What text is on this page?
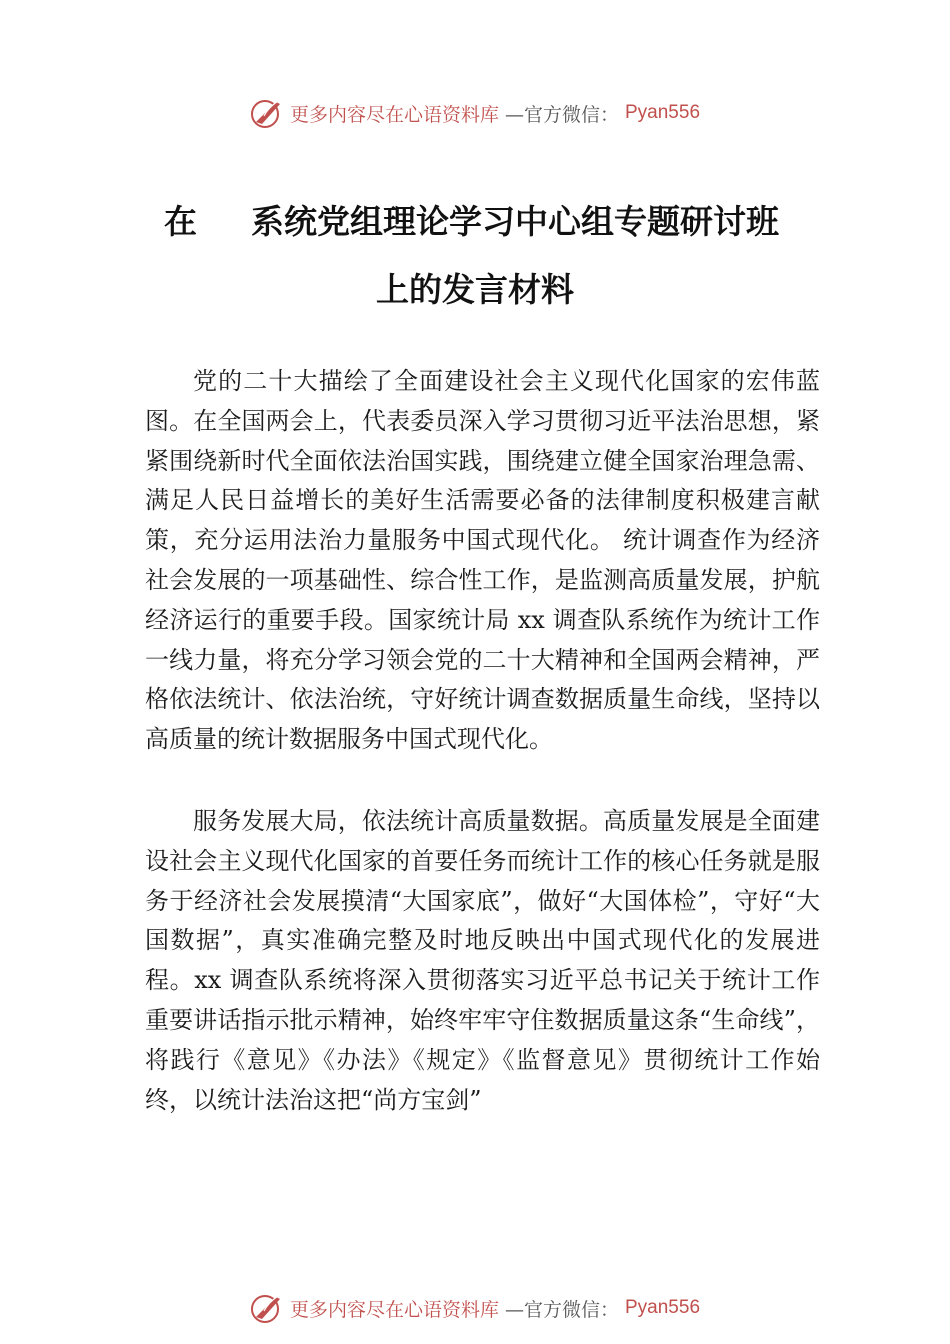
更多内容尽在心语资料库 —官方微信： Pyan556
在 系统党组理论学习中心组专题研讨班
上的发言材料

党的二十大描绘了全面建设社会主义现代化国家的宏伟蓝图。在全国两会上，代表委员深入学习贯彻习近平法治思想，紧紧围绕新时代全面依法治国实践，围绕建立健全国家治理急需、满足人民日益增长的美好生活需要必备的法律制度积极建言献策，充分运用法治力量服务中国式现代化。 统计调查作为经济社会发展的一项基础性、综合性工作，是监测高质量发展，护航经济运行的重要手段。国家统计局 xx 调查队系统作为统计工作一线力量，将充分学习领会党的二十大精神和全国两会精神，严格依法统计、依法治统，守好统计调查数据质量生命线，坚持以高质量的统计数据服务中国式现代化。

服务发展大局，依法统计高质量数据。高质量发展是全面建设社会主义现代化国家的首要任务而统计工作的核心任务就是服务于经济社会发展摸清“大国家底”，做好“大国体检”，守好“大国数据”，真实准确完整及时地反映出中国式现代化的发展进程。xx 调查队系统将深入贯彻落实习近平总书记关于统计工作重要讲话指示批示精神，始终牢牢守住数据质量这条“生命线”，将践行《意见》《办法》《规定》《监督意见》贯彻统计工作始终，以统计法治这把“尚方宝剑”

更多内容尽在心语资料库 —官方微信： Pyan556
